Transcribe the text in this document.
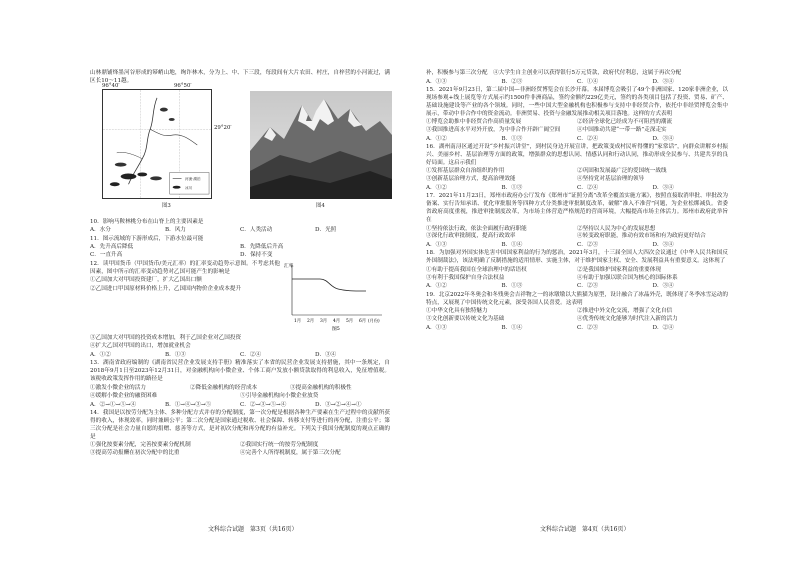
山林鼎铺烽墨河谷形成的幂峭山地，绚诈林木，分为上、中、下三段，每段间有大片农田、村庄，自梓营的小河流过，满区长10～11越。
96°40′	96°50′
29°20′
河流·湖泊
冰川
图3	图4
10．影响马鞍林桃分布在山脊上的主要因素是
A．水分	B．风力	C．人类活动	D．光照
11．图示流域的下游形成后，下游水位最可能
A．先升高后降低	B．先降低后升高
C．一直升高	D．保持不变
12．读甲国货币（甲国货币/美元汇率）的汇率变动趋势示意图。不考虑其他因素，图中所示的汇率变动趋势对乙国可能产生的影响是
①乙国加大对甲国投资建厂，扩大乙国出口额
②乙国进口甲国原材料价格上升，乙国国内物价企业成本提升
汇率
1月 2月 3月 4月 5月 6月 (月份)
图5
③乙国加大对甲国的投资成本增加，利于乙国企业对乙国投资
④扩大乙国对甲国的出口，增加就业机会
A．①②	B．①③	C．②④	D．③④
13．湖南省政府编制的《湖南省民营企业发展支持手册》精准落实了本省的民营企业发展支持措施，其中一条规定，自2018年9月1日至2023年12月31日，对金融机构向小微企业、个体工商户发放小额贷款取得的利息收入，免征增值税。该税收政策发挥作用的路径是
①激发小微企业的活力	②降低金融机构的经营成本	③提高金融机构的积极性
④缓解小微企业的融资困难	⑤引导金融机构向小微企业放贷
A．②→①→⑤→④	B．①→④→③→⑤	C．②→③→⑤→④	D．③→②→④→①
14．我国是以按劳分配为主体、多种分配方式并存的分配制度，第一次分配是根据各种生产要素在生产过程中的贡献所获得的收入，体现效率，同时兼顾公平；第二次分配是国家通过税收、社会保障、转移支付等进行的再分配，注重公平；第三次分配是社会力量自愿的捐赠、慈善等方式，是对初次分配和再分配的有益补充。下列关于我国分配制度的观点正确的是
①强化按要素分配，完善按要素分配机制	②我国实行统一的按劳分配制度
③提高劳动报酬在初次分配中的比重	④完善个人所得税制度，属于第三次分配
文科综合试题　第3页（共16页）
补，积极参与第三次分配　④大学生自主创业可以获得银行5万元贷款，政府代付利息，这属于再次分配
A．①③	B．②③	C．①④	D．③④
15．2021年9月23日，第二届中国—非洲经贸博览会在长沙开幕。本届博览会吸引了49个非洲国家、120家非洲企业，以现场参观+线上展览等方式展示约1500件非洲商品，签约金额约229亿美元，签约的各类项目包括了投资、贸易、矿产、基础设施建设等产业的各个领域。同时，一些中国大型金融机构也积极参与支持中非经贸合作，依托中非经贸博览会集中展示，带动中非合作中的资金流动。非洲贸易、投资与金融发展推动相关项目落地。这样的方式表明
①博览会助推中非经贸合作高质量发展	②经济全球化已经成为不可阻挡的潮流
③我国推进高水平对外开放，为中非合作开辟广阔空间	④中国推动共建“一带一路”走深走实
A．①②	B．①③	C．②④	D．③④
16．湖州南浔区通过开设“乡村振兴讲堂”，到村民身边开展宣讲，把政策变成村民听得懂的“家常话”，向群众讲解乡村振兴、美丽乡村、基层治理等方面的政策，增强群众的思想认同、情感认同和行动认同，推动形成全民参与、共建共享的良好局面。这启示我们
①发挥基层群众自治组织的作用	②巩固和发展最广泛的爱国统一战线
③创新基层治理方式，提高治理效能	④坚持党对基层治理的领导
A．①②	B．①③	C．②④	D．③④
17．2021年11月23日，郑州市政府办公厅发布《郑州市“证照分离”改革全覆盖实施方案》，按照直接取消审批、审批改为备案、实行告知承诺、优化审批服务等四种方式分类推进审批制度改革，破解“准入不准营”问题，为企业松绑减负。省委省政府高度重视，推进审批制度改革，为市场主体营造严格规范的营商环境，大幅提高市场主体活力。郑州市政府此举旨在
①坚持依法行政，依法全面履行政府职能	②坚持以人民为中心的发展思想
③深化行政审批制度，提高行政效率	④转变政府职能，推动有效市场和有为政府更好结合
A．①③	B．①④	C．②③	D．③④
18．为加强对外国实体危害中国国家利益的行为的惩治，2021年3月，十三届全国人大四次会议通过《中华人民共和国反外国制裁法》，该法明确了反制措施的适用情形、实施主体，对于维护国家主权、安全、发展利益具有重要意义。这体现了
①有助于提高我国在全球治理中的话语权	②是我国维护国家利益的重要体现
③有利于我国保护自身合法权益	④有助于加强以联合国为核心的国际体系
A．①②	B．①③	C．②③	D．③④
19．北京2022年冬奥会和冬残奥会吉祥物之一的冰墩墩以大熊猫为原型，设计融合了冰晶外壳，既体现了冬季冰雪运动的特点，又展现了中国传统文化元素，深受各国人民喜爱。这表明
①中华文化具有独特魅力	②推进中外文化交流，增强了文化自信
③文化创新要以传统文化为基础	④优秀传统文化能够为时代注入新的活力
A．①③	B．①④	C．②③	D．②④
文科综合试题　第4页（共16页）
